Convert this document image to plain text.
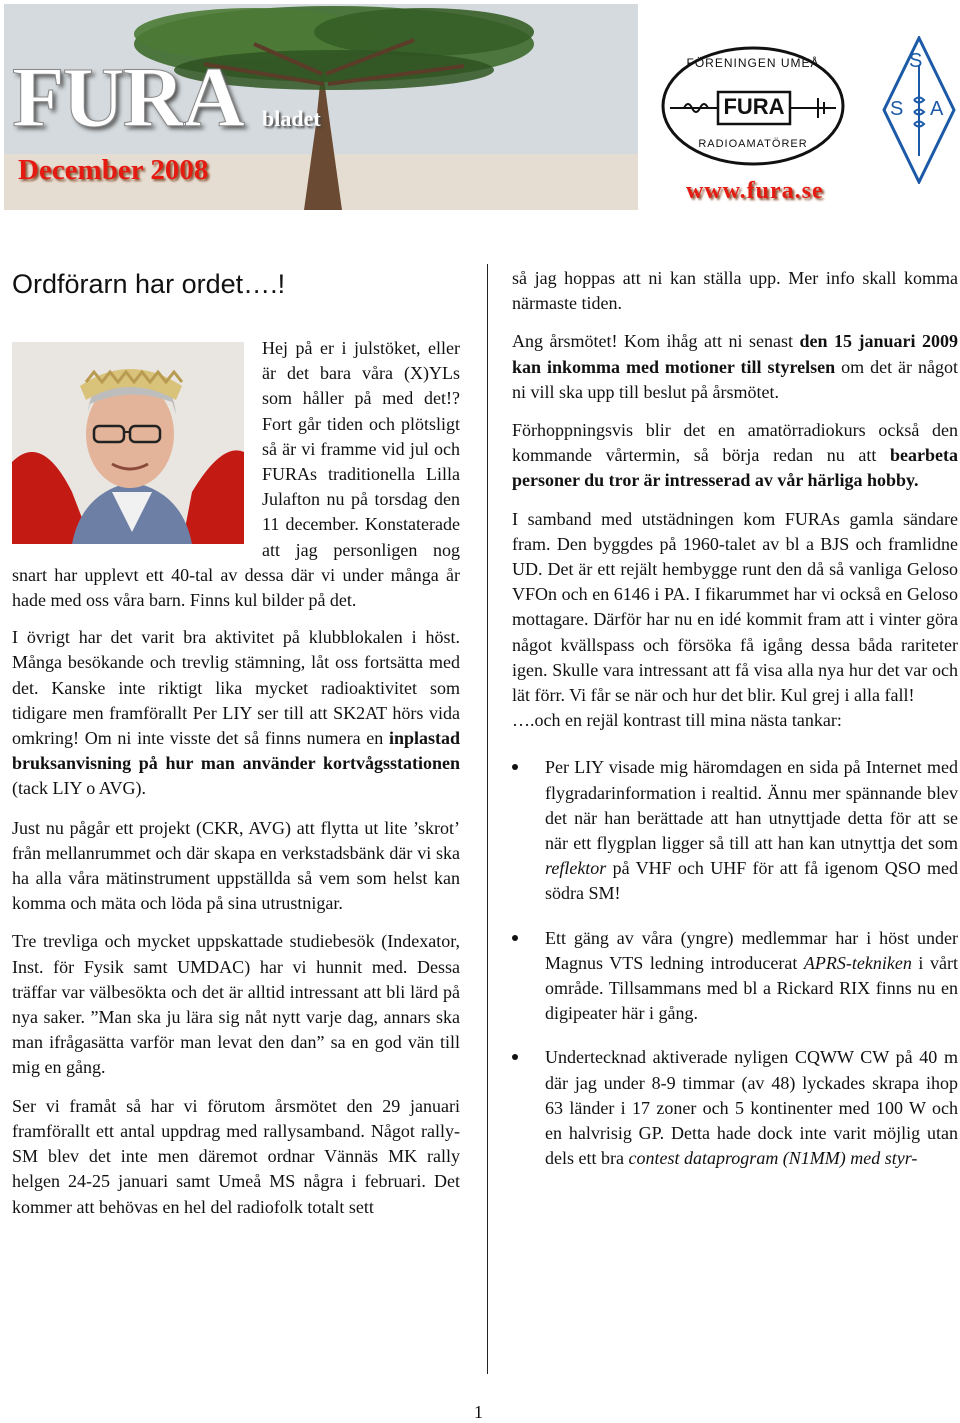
FURA bladet
December 2008
FÖRENINGEN UMEÅ
FURA
RADIOAMATÖRER
S
S A
www.fura.se
Ordförarn har ordet….!

Hej på er i julstöket, eller är det bara våra (X)YLs som håller på med det!? Fort går tiden och plötsligt så är vi framme vid jul och FURAs traditionella Lilla Julafton nu på torsdag den 11 december. Konstaterade att jag personligen nog snart har upplevt ett 40-tal av dessa där vi under många år hade med oss våra barn. Finns kul bilder på det.

I övrigt har det varit bra aktivitet på klubblokalen i höst. Många besökande och trevlig stämning, låt oss fortsätta med det. Kanske inte riktigt lika mycket radioaktivitet som tidigare men framförallt Per LIY ser till att SK2AT hörs vida omkring! Om ni inte visste det så finns numera en inplastad bruksanvisning på hur man använder kortvågsstationen (tack LIY o AVG).

Just nu pågår ett projekt (CKR, AVG) att flytta ut lite ’skrot’ från mellanrummet och där skapa en verkstadsbänk där vi ska ha alla våra mätinstrument uppställda så vem som helst kan komma och mäta och löda på sina utrustnigar.

Tre trevliga och mycket uppskattade studiebesök (Indexator, Inst. för Fysik samt UMDAC) har vi hunnit med. Dessa träffar var välbesökta och det är alltid intressant att bli lärd på nya saker. ”Man ska ju lära sig nåt nytt varje dag, annars ska man ifrågasätta varför man levat den dan” sa en god vän till mig en gång.

Ser vi framåt så har vi förutom årsmötet den 29 januari framförallt ett antal uppdrag med rallysamband. Något rally-SM blev det inte men däremot ordnar Vännäs MK rally helgen 24-25 januari samt Umeå MS några i februari. Det kommer att behövas en hel del radiofolk totalt sett

så jag hoppas att ni kan ställa upp. Mer info skall komma närmaste tiden.

Ang årsmötet! Kom ihåg att ni senast den 15 januari 2009 kan inkomma med motioner till styrelsen om det är något ni vill ska upp till beslut på årsmötet.

Förhoppningsvis blir det en amatörradiokurs också den kommande vårtermin, så börja redan nu att bearbeta personer du tror är intresserad av vår härliga hobby.

I samband med utstädningen kom FURAs gamla sändare fram. Den byggdes på 1960-talet av bl a BJS och framlidne UD. Det är ett rejält hembygge runt den då så vanliga Geloso VFOn och en 6146 i PA. I fikarummet har vi också en Geloso mottagare. Därför har nu en idé kommit fram att i vinter göra något kvällspass och försöka få igång dessa båda rariteter igen. Skulle vara intressant att få visa alla nya hur det var och lät förr. Vi får se när och hur det blir. Kul grej i alla fall!

….och en rejäl kontrast till mina nästa tankar:

Per LIY visade mig häromdagen en sida på Internet med flygradarinformation i realtid. Ännu mer spännande blev det när han berättade att han utnyttjade detta för att se när ett flygplan ligger så till att han kan utnyttja det som reflektor på VHF och UHF för att få igenom QSO med södra SM!
Ett gäng av våra (yngre) medlemmar har i höst under Magnus VTS ledning introducerat APRS-tekniken i vårt område. Tillsammans med bl a Rickard RIX finns nu en digipeater här i gång.
Undertecknad aktiverade nyligen CQWW CW på 40 m där jag under 8-9 timmar (av 48) lyckades skrapa ihop 63 länder i 17 zoner och 5 kontinenter med 100 W och en halvrisig GP. Detta hade dock inte varit möjlig utan dels ett bra contest dataprogram (N1MM) med styr-
1
